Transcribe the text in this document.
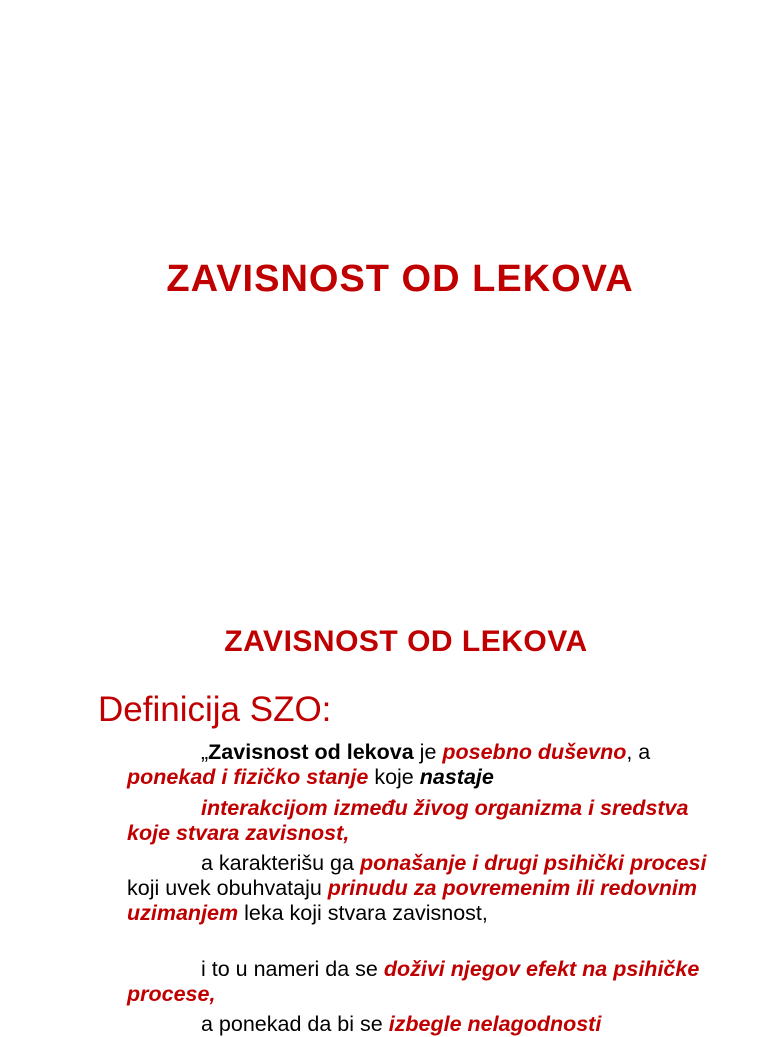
ZAVISNOST OD LEKOVA
ZAVISNOST OD LEKOVA
Definicija SZO:

„Zavisnost od lekova je posebno duševno, a ponekad i fizičko stanje koje nastaje

interakcijom između živog organizma i sredstva koje stvara zavisnost,

a karakterišu ga ponašanje i drugi psihički procesi koji uvek obuhvataju prinudu za povremenim ili redovnim uzimanjem leka koji stvara zavisnost,

i to u nameri da se doživi njegov efekt na psihičke procese,

a ponekad da bi se izbegle nelagodnosti
